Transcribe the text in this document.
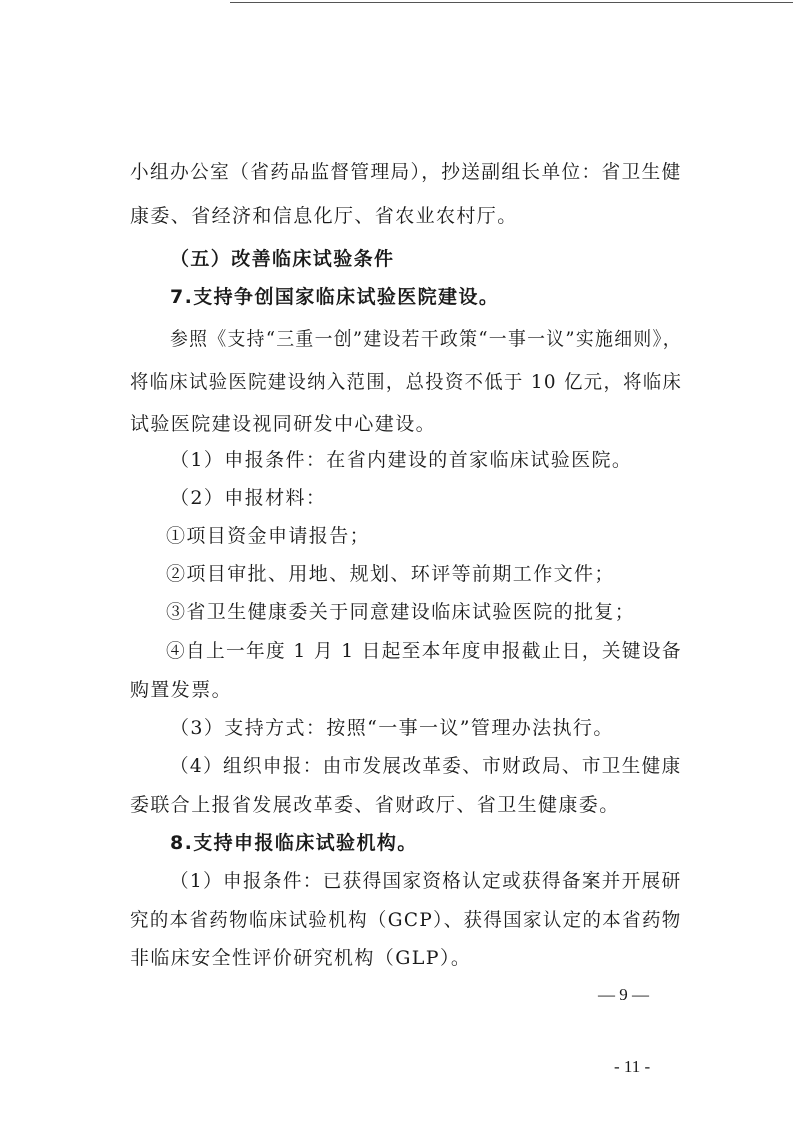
小组办公室（省药品监督管理局），抄送副组长单位：省卫生健
康委、省经济和信息化厅、省农业农村厅。
（五）改善临床试验条件
7.支持争创国家临床试验医院建设。
参照《支持“三重一创”建设若干政策“一事一议”实施细则》，
将临床试验医院建设纳入范围，总投资不低于 10 亿元，将临床
试验医院建设视同研发中心建设。
（1）申报条件：在省内建设的首家临床试验医院。
（2）申报材料：
①项目资金申请报告；
②项目审批、用地、规划、环评等前期工作文件；
③省卫生健康委关于同意建设临床试验医院的批复；
④自上一年度 1 月 1 日起至本年度申报截止日，关键设备
购置发票。
（3）支持方式：按照“一事一议”管理办法执行。
（4）组织申报：由市发展改革委、市财政局、市卫生健康
委联合上报省发展改革委、省财政厅、省卫生健康委。
8.支持申报临床试验机构。
（1）申报条件：已获得国家资格认定或获得备案并开展研
究的本省药物临床试验机构（GCP）、获得国家认定的本省药物
非临床安全性评价研究机构（GLP）。
— 9 —
- 11 -
